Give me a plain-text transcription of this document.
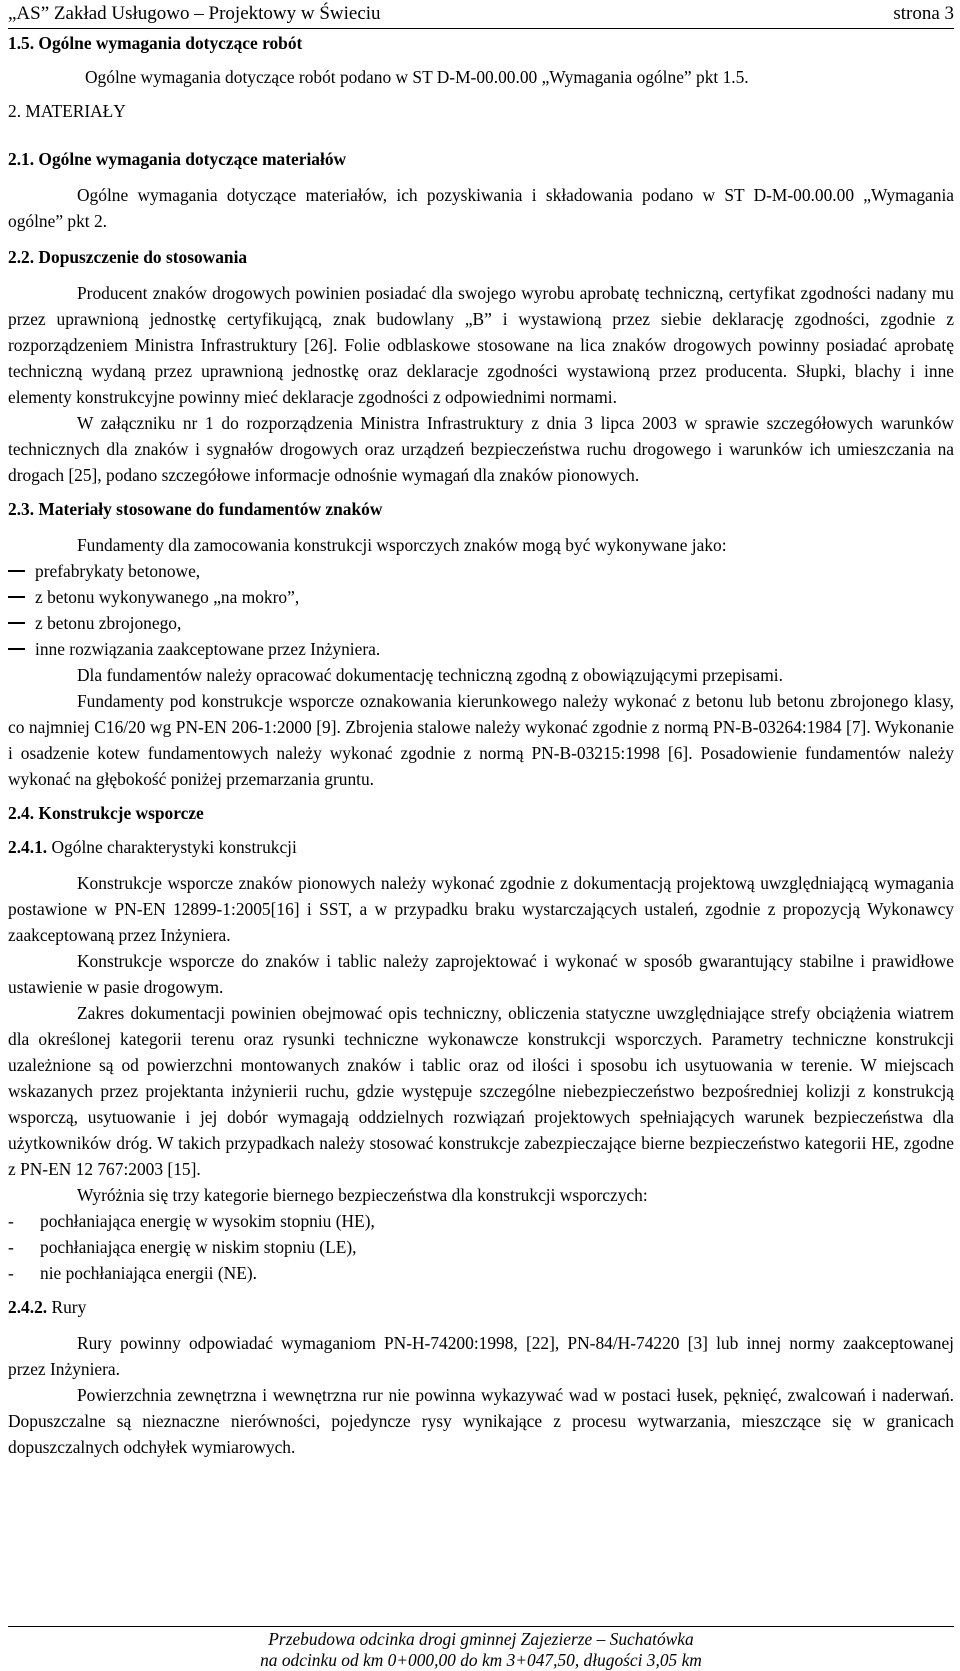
„AS” Zakład Usługowo – Projektowy w Świeciu	strona 3

1.5. Ogólne wymagania dotyczące robót

Ogólne wymagania dotyczące robót podano w ST D-M-00.00.00 „Wymagania ogólne” pkt 1.5.

2. MATERIAŁY

2.1. Ogólne wymagania dotyczące materiałów

Ogólne wymagania dotyczące materiałów, ich pozyskiwania i składowania podano w ST D-M-00.00.00 „Wymagania ogólne” pkt 2.

2.2. Dopuszczenie do stosowania

Producent znaków drogowych powinien posiadać dla swojego wyrobu aprobatę techniczną, certyfikat zgodności nadany mu przez uprawnioną jednostkę certyfikującą, znak budowlany „B” i wystawioną przez siebie deklarację zgodności, zgodnie z rozporządzeniem Ministra Infrastruktury [26]. Folie odblaskowe stosowane na lica znaków drogowych powinny posiadać aprobatę techniczną wydaną przez uprawnioną jednostkę oraz deklaracje zgodności wystawioną przez producenta. Słupki, blachy i inne elementy konstrukcyjne powinny mieć deklaracje zgodności z odpowiednimi normami.

W załączniku nr 1 do rozporządzenia Ministra Infrastruktury z dnia 3 lipca 2003 w sprawie szczegółowych warunków technicznych dla znaków i sygnałów drogowych oraz urządzeń bezpieczeństwa ruchu drogowego i warunków ich umieszczania na drogach [25], podano szczegółowe informacje odnośnie wymagań dla znaków pionowych.

2.3. Materiały stosowane do fundamentów znaków

Fundamenty dla zamocowania konstrukcji wsporczych znaków mogą być wykonywane jako:

prefabrykaty betonowe,

z betonu wykonywanego „na mokro”,

z betonu zbrojonego,

inne rozwiązania zaakceptowane przez Inżyniera.

Dla fundamentów należy opracować dokumentację techniczną zgodną z obowiązującymi przepisami.

Fundamenty pod konstrukcje wsporcze oznakowania kierunkowego należy wykonać z betonu lub betonu zbrojonego klasy, co najmniej C16/20 wg PN-EN 206-1:2000 [9]. Zbrojenia stalowe należy wykonać zgodnie z normą PN-B-03264:1984 [7]. Wykonanie i osadzenie kotew fundamentowych należy wykonać zgodnie z normą PN-B-03215:1998 [6]. Posadowienie fundamentów należy wykonać na głębokość poniżej przemarzania gruntu.

2.4. Konstrukcje wsporcze

2.4.1. Ogólne charakterystyki konstrukcji

Konstrukcje wsporcze znaków pionowych należy wykonać zgodnie z dokumentacją projektową uwzględniającą wymagania postawione w PN-EN 12899-1:2005[16] i SST, a w przypadku braku wystarczających ustaleń, zgodnie z propozycją Wykonawcy zaakceptowaną przez Inżyniera.

Konstrukcje wsporcze do znaków i tablic należy zaprojektować i wykonać w sposób gwarantujący stabilne i prawidłowe ustawienie w pasie drogowym.

Zakres dokumentacji powinien obejmować opis techniczny, obliczenia statyczne uwzględniające strefy obciążenia wiatrem dla określonej kategorii terenu oraz rysunki techniczne wykonawcze konstrukcji wsporczych. Parametry techniczne konstrukcji uzależnione są od powierzchni montowanych znaków i tablic oraz od ilości i sposobu ich usytuowania w terenie. W miejscach wskazanych przez projektanta inżynierii ruchu, gdzie występuje szczególne niebezpieczeństwo bezpośredniej kolizji z konstrukcją wsporczą, usytuowanie i jej dobór wymagają oddzielnych rozwiązań projektowych spełniających warunek bezpieczeństwa dla użytkowników dróg. W takich przypadkach należy stosować konstrukcje zabezpieczające bierne bezpieczeństwo kategorii HE, zgodne z PN-EN 12 767:2003 [15].

Wyróżnia się trzy kategorie biernego bezpieczeństwa dla konstrukcji wsporczych:

- pochłaniająca energię w wysokim stopniu (HE),

- pochłaniająca energię w niskim stopniu (LE),

- nie pochłaniająca energii (NE).

2.4.2. Rury

Rury powinny odpowiadać wymaganiom PN-H-74200:1998, [22], PN-84/H-74220 [3] lub innej normy zaakceptowanej przez Inżyniera.

Powierzchnia zewnętrzna i wewnętrzna rur nie powinna wykazywać wad w postaci łusek, pęknięć, zwalcowań i naderwań. Dopuszczalne są nieznaczne nierówności, pojedyncze rysy wynikające z procesu wytwarzania, mieszczące się w granicach dopuszczalnych odchyłek wymiarowych.

Przebudowa odcinka drogi gminnej Zajezierze – Suchatówka
na odcinku od km 0+000,00 do km 3+047,50, długości 3,05 km
